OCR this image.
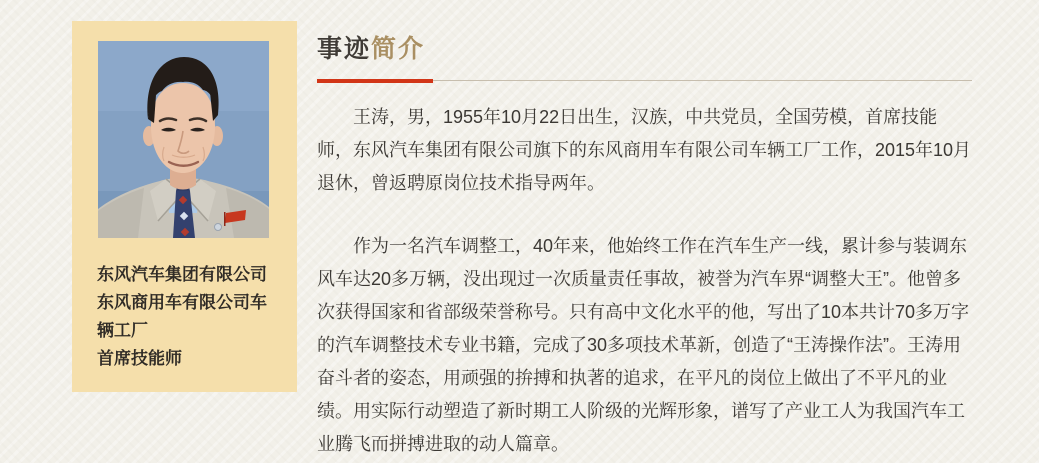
东风汽车集团有限公司
东风商用车有限公司车辆工厂
首席技能师
事迹简介

王涛，男，1955年10月22日出生，汉族，中共党员，全国劳模，首席技能师，东风汽车集团有限公司旗下的东风商用车有限公司车辆工厂工作，2015年10月退休，曾返聘原岗位技术指导两年。

作为一名汽车调整工，40年来，他始终工作在汽车生产一线，累计参与装调东风车达20多万辆，没出现过一次质量责任事故，被誉为汽车界“调整大王”。他曾多次获得国家和省部级荣誉称号。只有高中文化水平的他，写出了10本共计70多万字的汽车调整技术专业书籍，完成了30多项技术革新，创造了“王涛操作法”。王涛用奋斗者的姿态，用顽强的拚搏和执著的追求，在平凡的岗位上做出了不平凡的业绩。用实际行动塑造了新时期工人阶级的光辉形象，谱写了产业工人为我国汽车工业腾飞而拼搏进取的动人篇章。
